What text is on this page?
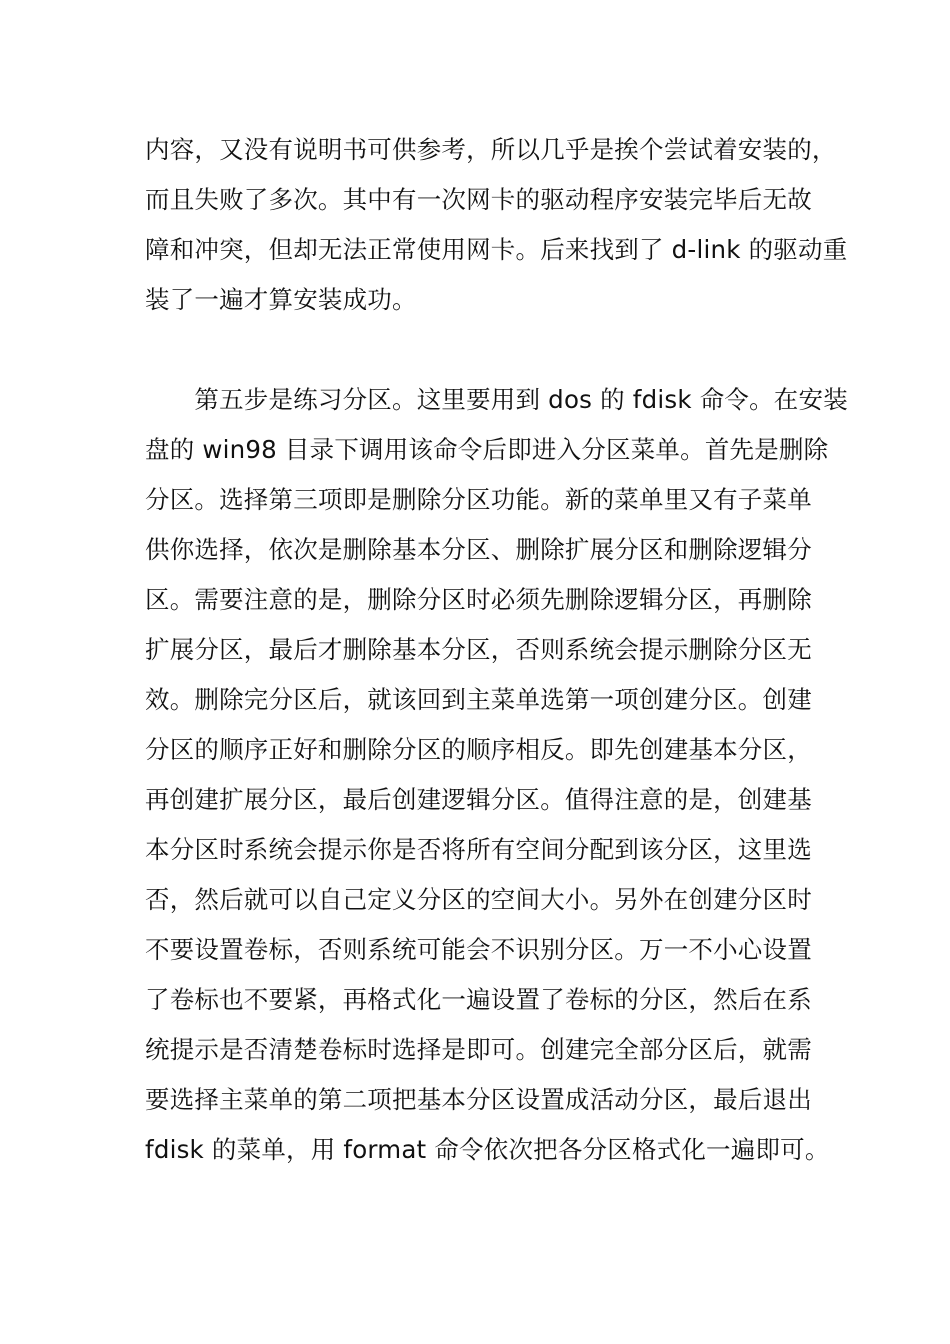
内容，又没有说明书可供参考，所以几乎是挨个尝试着安装的，
而且失败了多次。其中有一次网卡的驱动程序安装完毕后无故
障和冲突，但却无法正常使用网卡。后来找到了 d-link 的驱动重
装了一遍才算安装成功。
　　第五步是练习分区。这里要用到 dos 的 fdisk 命令。在安装
盘的 win98 目录下调用该命令后即进入分区菜单。首先是删除
分区。选择第三项即是删除分区功能。新的菜单里又有子菜单
供你选择，依次是删除基本分区、删除扩展分区和删除逻辑分
区。需要注意的是，删除分区时必须先删除逻辑分区，再删除
扩展分区，最后才删除基本分区，否则系统会提示删除分区无
效。删除完分区后，就该回到主菜单选第一项创建分区。创建
分区的顺序正好和删除分区的顺序相反。即先创建基本分区，
再创建扩展分区，最后创建逻辑分区。值得注意的是，创建基
本分区时系统会提示你是否将所有空间分配到该分区，这里选
否，然后就可以自己定义分区的空间大小。另外在创建分区时
不要设置卷标，否则系统可能会不识别分区。万一不小心设置
了卷标也不要紧，再格式化一遍设置了卷标的分区，然后在系
统提示是否清楚卷标时选择是即可。创建完全部分区后，就需
要选择主菜单的第二项把基本分区设置成活动分区，最后退出
fdisk 的菜单，用 format 命令依次把各分区格式化一遍即可。
